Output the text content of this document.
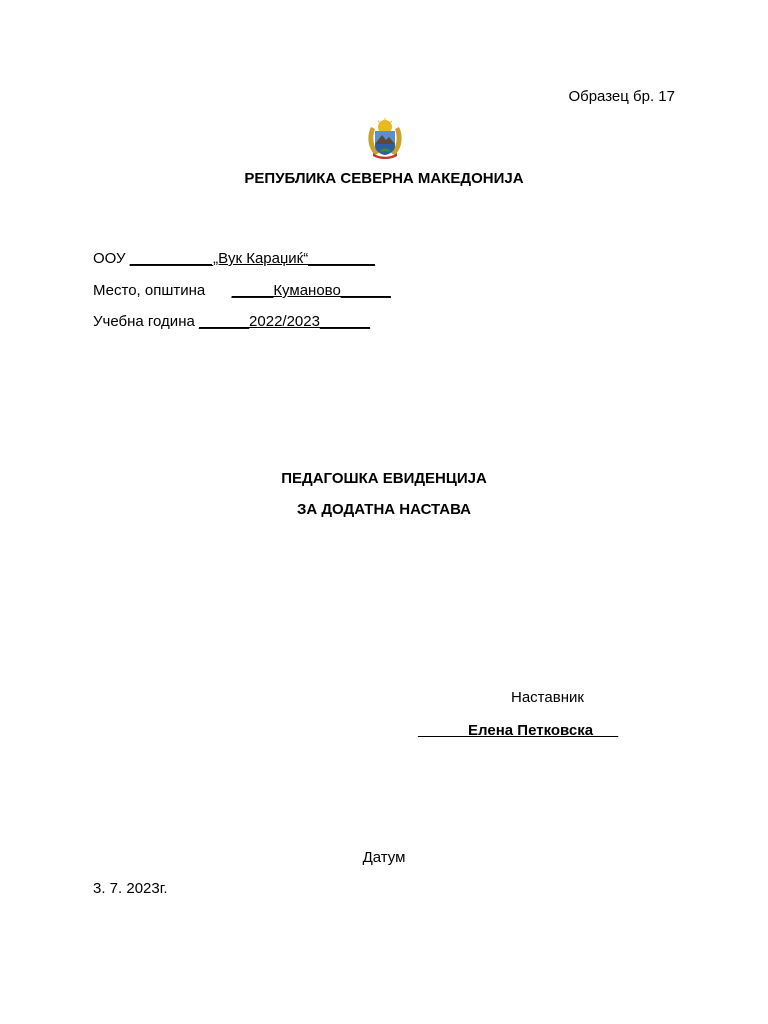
Образец бр. 17
РЕПУБЛИКА СЕВЕРНА МАКЕДОНИЈА
ООУ __________„Вук Караџиќ“________
Место, општина _____Куманово______
Учебна година ______2022/2023______
ПЕДАГОШКА ЕВИДЕНЦИЈА
ЗА ДОДАТНА НАСТАВА
Наставник
______Елена Петковска___
Датум
3. 7. 2023г.
